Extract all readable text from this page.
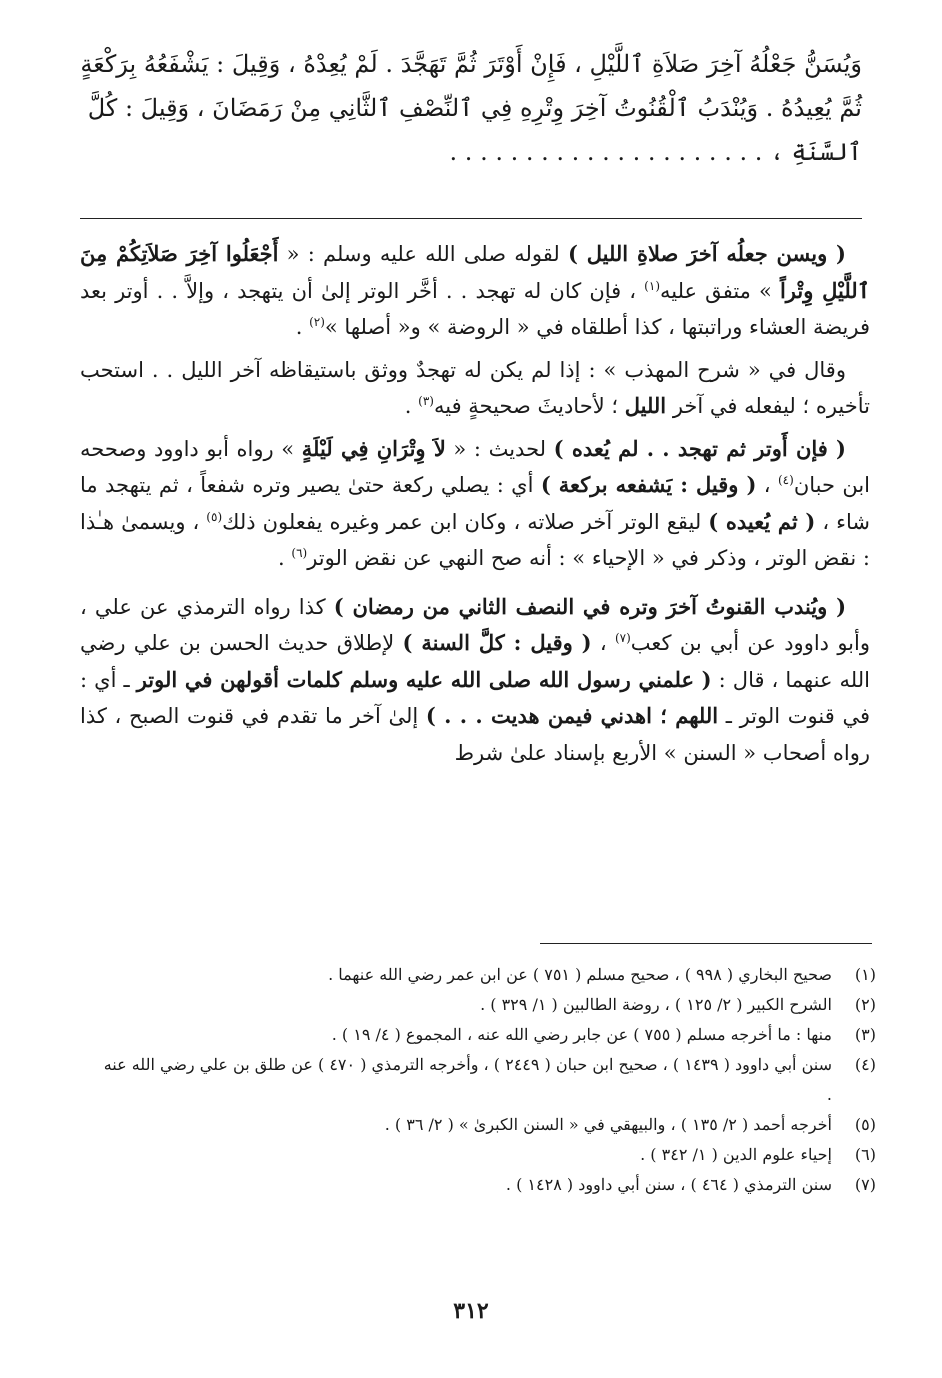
وَيُسَنُّ جَعْلُهُ آخِرَ صَلاَةِ ٱللَّيْلِ ، فَإِنْ أَوْتَرَ ثُمَّ تَهَجَّدَ . لَمْ يُعِدْهُ ، وَقِيلَ : يَشْفَعُهُ بِرَكْعَةٍ

ثُمَّ يُعِيدُهُ . وَيُنْدَبُ ٱلْقُنُوتُ آخِرَ وِتْرِهِ فِي ٱلنِّصْفِ ٱلثَّانِي مِنْ رَمَضَانَ ، وَقِيلَ : كُلَّ

ٱلسَّنَةِ ، . . . . . . . . . . . . . . . . . . . . .

( ويسن جعلُه آخرَ صلاةِ الليل ) لقوله صلى الله عليه وسلم : « أَجْعَلُوا آخِرَ صَلاَتِكُمْ مِنَ ٱللَّيْلِ وِتْراً » متفق عليه$^{(١)}$ ، فإن كان له تهجد . . أخَّر الوتر إلىٰ أن يتهجد ، وإلاَّ . . أوتر بعد فريضة العشاء وراتبتها ، كذا أطلقاه في « الروضة » و« أصلها »$^{(٢)}$ .

وقال في « شرح المهذب » : إذا لم يكن له تهجدٌ ووثق باستيقاظه آخر الليل . . استحب تأخيره ؛ ليفعله في آخر الليل ؛ لأحاديثَ صحيحةٍ فيه$^{(٣)}$ .

( فإن أَوتر ثم تهجد . . لم يُعده ) لحديث : « لاَ وِتْرَانِ فِي لَيْلَةٍ » رواه أبو داوود وصححه ابن حبان$^{(٤)}$ ، ( وقيل : يَشفعه بركعة ) أي : يصلي ركعة حتىٰ يصير وتره شفعاً ، ثم يتهجد ما شاء ، ( ثم يُعيده ) ليقع الوتر آخر صلاته ، وكان ابن عمر وغيره يفعلون ذلك$^{(٥)}$ ، ويسمىٰ هـٰذا : نقض الوتر ، وذكر في « الإحياء » : أنه صح النهي عن نقض الوتر$^{(٦)}$ .

( ويُندب القنوتُ آخرَ وتره في النصف الثاني من رمضان ) كذا رواه الترمذي عن علي ، وأبو داوود عن أبي بن كعب$^{(٧)}$ ، ( وقيل : كلَّ السنة ) لإطلاق حديث الحسن بن علي رضي الله عنهما ، قال : ( علمني رسول الله صلى الله عليه وسلم كلمات أقولهن في الوتر ـ أي : في قنوت الوتر ـ اللهم ؛ اهدني فيمن هديت . . . ) إلىٰ آخر ما تقدم في قنوت الصبح ، كذا رواه أصحاب « السنن » الأربع بإسناد علىٰ شرط

(١)
صحيح البخاري ( ٩٩٨ ) ، صحيح مسلم ( ٧٥١ ) عن ابن عمر رضي الله عنهما .
(٢)
الشرح الكبير ( ٢/ ١٢٥ ) ، روضة الطالبين ( ١/ ٣٢٩ ) .
(٣)
منها : ما أخرجه مسلم ( ٧٥٥ ) عن جابر رضي الله عنه ، المجموع ( ٤/ ١٩ ) .
(٤)
سنن أبي داوود ( ١٤٣٩ ) ، صحيح ابن حبان ( ٢٤٤٩ ) ، وأخرجه الترمذي ( ٤٧٠ ) عن طلق بن علي رضي الله عنه .
(٥)
أخرجه أحمد ( ٢/ ١٣٥ ) ، والبيهقي في « السنن الكبرىٰ » ( ٢/ ٣٦ ) .
(٦)
إحياء علوم الدين ( ١/ ٣٤٢ ) .
(٧)
سنن الترمذي ( ٤٦٤ ) ، سنن أبي داوود ( ١٤٢٨ ) .
٣١٢
